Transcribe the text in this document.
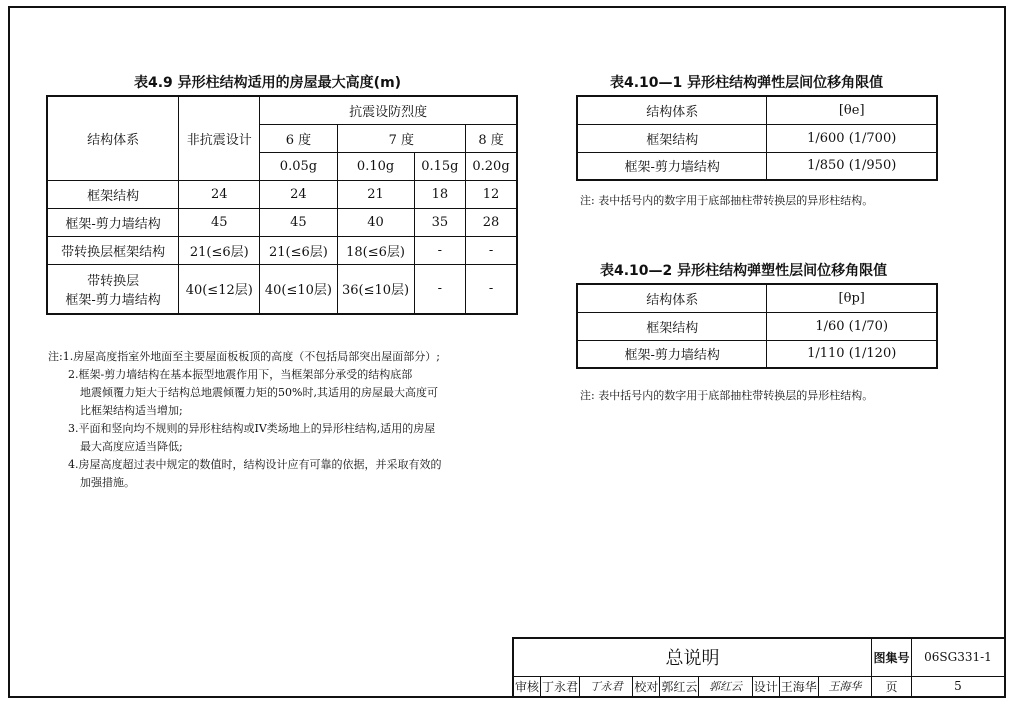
表4.9 异形柱结构适用的房屋最大高度(m)
结构体系	非抗震设计	抗震设防烈度			
		6 度	7 度		8 度
		0.05g	0.10g	0.15g	0.20g
框架结构	24	24	21	18	12
框架-剪力墙结构	45	45	40	35	28
带转换层框架结构	21(≤6层)	21(≤6层)	18(≤6层)	-	-

带转换层
框架-剪力墙结构	40(≤12层)	40(≤10层)	36(≤10层)	-	-
注:1.房屋高度指室外地面至主要屋面板板顶的高度（不包括局部突出屋面部分）;
2.框架-剪力墙结构在基本振型地震作用下，当框架部分承受的结构底部
地震倾覆力矩大于结构总地震倾覆力矩的50%时,其适用的房屋最大高度可
比框架结构适当增加;
3.平面和竖向均不规则的异形柱结构或IV类场地上的异形柱结构,适用的房屋
最大高度应适当降低;
4.房屋高度超过表中规定的数值时，结构设计应有可靠的依据，并采取有效的
加强措施。
表4.10—1 异形柱结构弹性层间位移角限值
结构体系	[θe]
框架结构	1/600 (1/700)
框架-剪力墙结构	1/850 (1/950)
注: 表中括号内的数字用于底部抽柱带转换层的异形柱结构。
表4.10—2 异形柱结构弹塑性层间位移角限值
结构体系	[θp]
框架结构	1/60 (1/70)
框架-剪力墙结构	1/110 (1/120)
注: 表中括号内的数字用于底部抽柱带转换层的异形柱结构。
总说明									图集号	06SG331-1
审核	丁永君	丁永君	校对	郭红云	郭红云	设计	王海华	王海华	页	5
